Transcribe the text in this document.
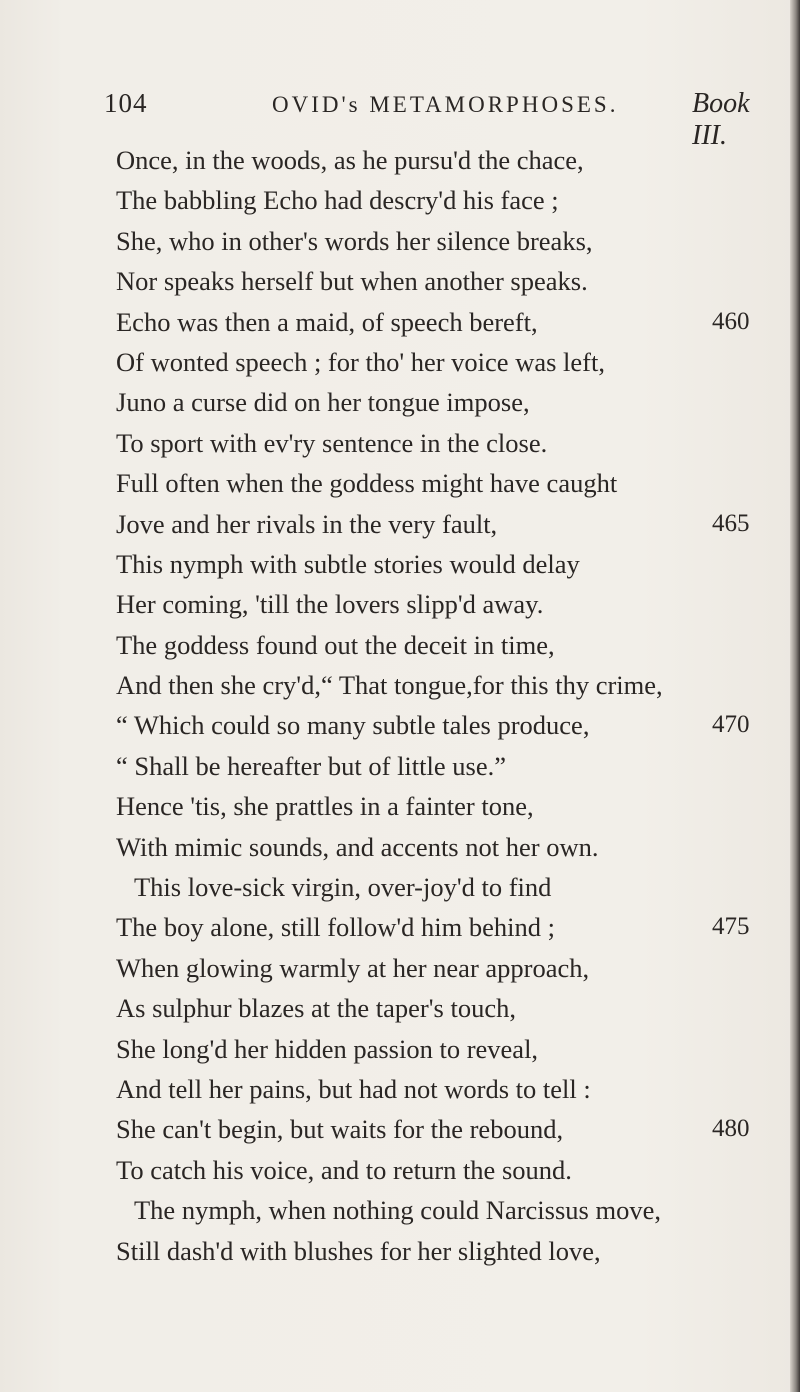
104	OVID's METAMORPHOSES.	Book III.
Once, in the woods, as he pursu'd the chace,
The babbling Echo had descry'd his face ;
She, who in other's words her silence breaks,
Nor speaks herself but when another speaks.
Echo was then a maid, of speech bereft,	460
Of wonted speech ; for tho' her voice was left,
Juno a curse did on her tongue impose,
To sport with ev'ry sentence in the close.
Full often when the goddess might have caught
Jove and her rivals in the very fault,	465
This nymph with subtle stories would delay
Her coming, 'till the lovers slipp'd away.
The goddess found out the deceit in time,
And then she cry'd,“ That tongue,for this thy crime,
“ Which could so many subtle tales produce,	470
“ Shall be hereafter but of little use.”
Hence 'tis, she prattles in a fainter tone,
With mimic sounds, and accents not her own.
This love-sick virgin, over-joy'd to find
The boy alone, still follow'd him behind ;	475
When glowing warmly at her near approach,
As sulphur blazes at the taper's touch,
She long'd her hidden passion to reveal,
And tell her pains, but had not words to tell :
She can't begin, but waits for the rebound,	480
To catch his voice, and to return the sound.
The nymph, when nothing could Narcissus move,
Still dash'd with blushes for her slighted love,
